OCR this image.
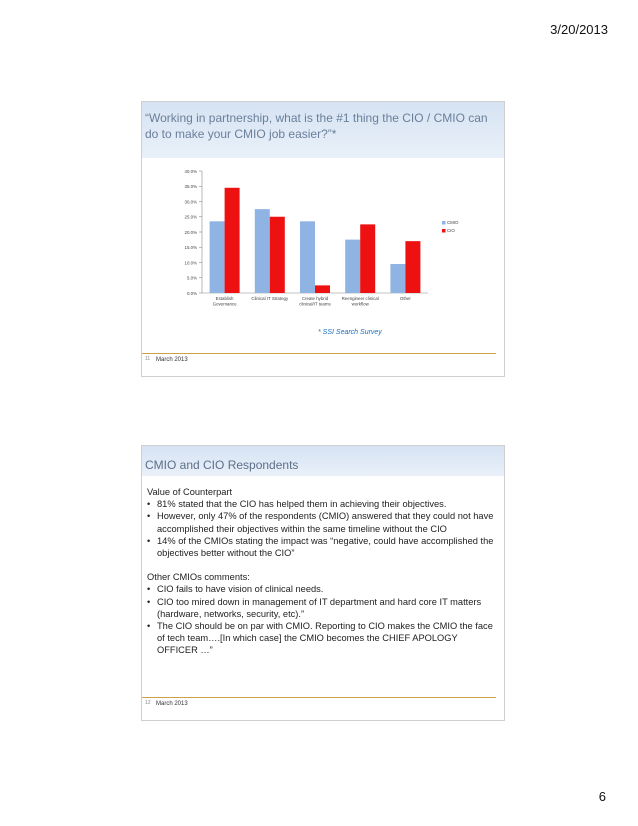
3/20/2013
“Working in partnership, what is the #1 thing the CIO / CMIO can do to make your CMIO job easier?”*
0.0%
5.0%
10.0%
15.0%
20.0%
25.0%
30.0%
35.0%
40.0%
Establish Governance
Clinical IT Strategy	Create hybrid clinical/IT teams
Reengineer clinical workflow
Other
CMIO
CIO
* SSI Search Survey
11 March 2013
CMIO and CIO Respondents

Value of Counterpart

• 81% stated that the CIO has helped them in achieving their objectives.
• However, only 47% of the respondents (CMIO) answered that they could not have accomplished their objectives within the same timeline without the CIO
• 14% of the CMIOs stating the impact was “negative, could have accomplished the objectives better without the CIO”

Other CMIOs comments:

• CIO fails to have vision of clinical needs.
• CIO too mired down in management of IT department and hard core IT matters (hardware, networks, security, etc).”
• The CIO should be on par with CMIO. Reporting to CIO makes the CMIO the face of tech team….[In which case] the CMIO becomes the CHIEF APOLOGY OFFICER …”
12 March 2013
6
